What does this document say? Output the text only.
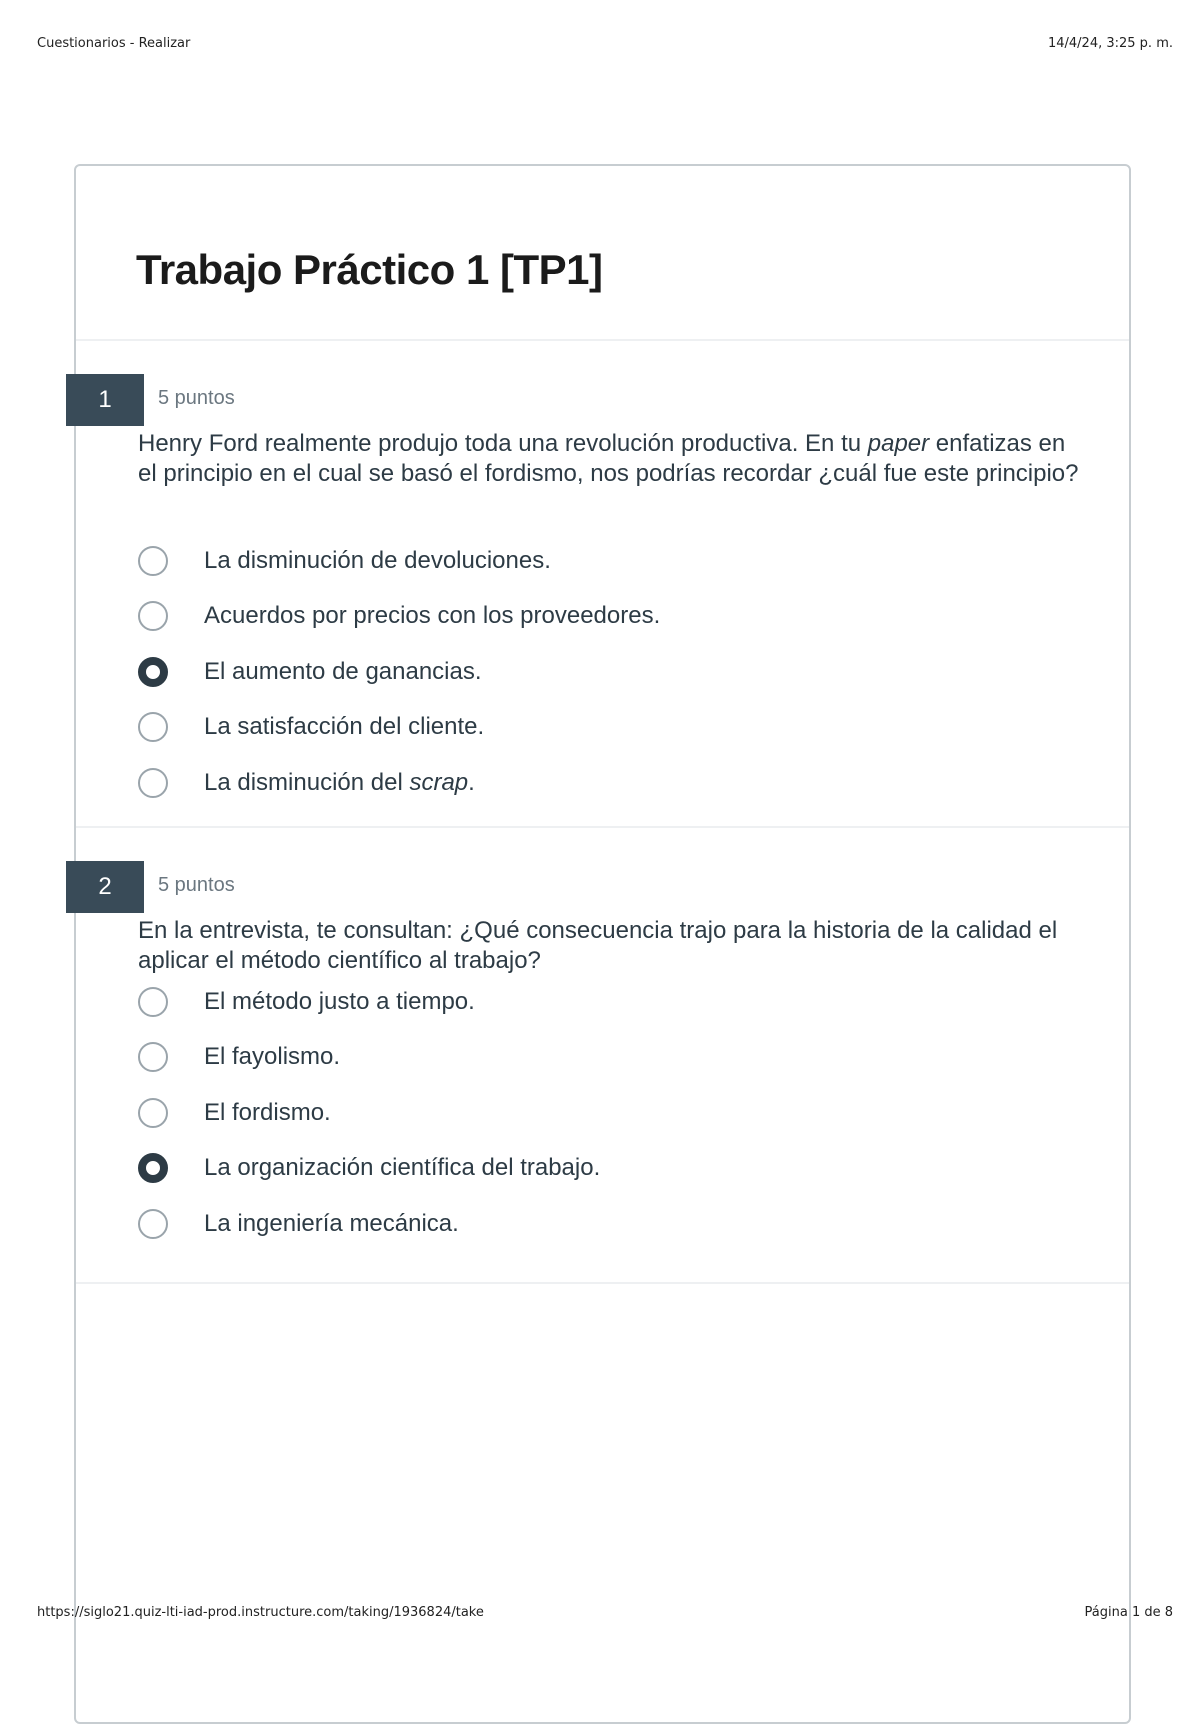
Cuestionarios - Realizar	14/4/24, 3:25 p. m.
Trabajo Práctico 1 [TP1]
1	5 puntos

Henry Ford realmente produjo toda una revolución productiva. En tu paper enfatizas en el principio en el cual se basó el fordismo, nos podrías recordar ¿cuál fue este principio?

La disminución de devoluciones.
Acuerdos por precios con los proveedores.
El aumento de ganancias.
La satisfacción del cliente.
La disminución del scrap.
2	5 puntos

En la entrevista, te consultan: ¿Qué consecuencia trajo para la historia de la calidad el aplicar el método científico al trabajo?

El método justo a tiempo.
El fayolismo.
El fordismo.
La organización científica del trabajo.
La ingeniería mecánica.
https://siglo21.quiz-lti-iad-prod.instructure.com/taking/1936824/take	Página 1 de 8
